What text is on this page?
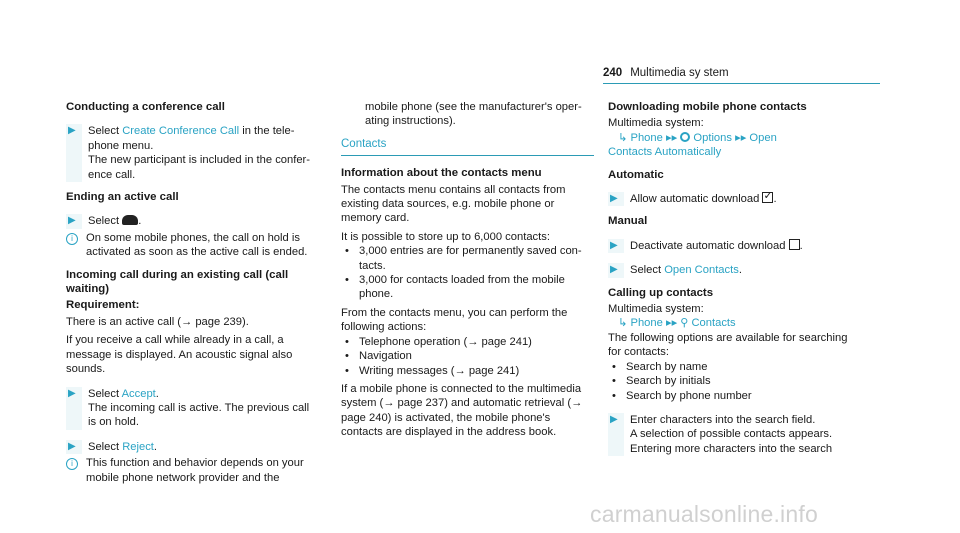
240 Multimedia sy stem
Conducting a conference call
▶	Select Create Conference Call in the tele‐ phone menu.

The new participant is included in the confer‐ ence call.

Ending an active call
▶	Select .

i	On some mobile phones, the call on hold is activated as soon as the active call is ended.

Incoming call during an existing call (call waiting)
Requirement:

There is an active call (→ page 239).

If you receive a call while already in a call, a message is displayed. An acoustic signal also sounds.

▶	Select Accept.

The incoming call is active. The previous call is on hold.

▶	Select Reject.

i	This function and behavior depends on your mobile phone network provider and the

mobile phone (see the manufacturer's oper‐ ating instructions).

Contacts
Information about the contacts menu

The contacts menu contains all contacts from existing data sources, e.g. mobile phone or memory card.

It is possible to store up to 6,000 contacts:

• 3,000 entries are for permanently saved con‐ tacts.
• 3,000 for contacts loaded from the mobile phone.

From the contacts menu, you can perform the following actions:

• Telephone operation (→ page 241)
• Navigation
• Writing messages (→ page 241)

If a mobile phone is connected to the multimedia system (→ page 237) and automatic retrieval (→ page 240) is activated, the mobile phone's contacts are displayed in the address book.

Downloading mobile phone contacts

Multimedia system:

↳ Phone ▸▸ Options ▸▸ Open

Contacts Automatically

Automatic
▶	Allow automatic download ✓.

Manual
▶	Deactivate automatic download .

▶	Select Open Contacts.

Calling up contacts

Multimedia system:

↳ Phone ▸▸ ⚲ Contacts

The following options are available for searching for contacts:

• Search by name
• Search by initials
• Search by phone number
▶	Enter characters into the search field.

A selection of possible contacts appears. Entering more characters into the search

carmanualsonline.info
